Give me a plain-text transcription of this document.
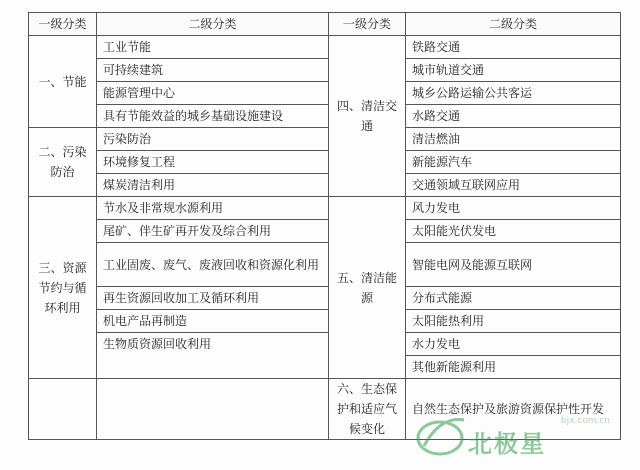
一级分类	二级分类	一级分类	二级分类
一、节能	工业节能	四、清洁交通	铁路交通
	可持续建筑		城市轨道交通
	能源管理中心		城乡公路运输公共客运
	具有节能效益的城乡基础设施建设		水路交通
二、污染防治	污染防治		清洁燃油
	环境修复工程		新能源汽车
	煤炭清洁利用		交通领域互联网应用
三、资源节约与循环利用	节水及非常规水源利用	五、清洁能源	风力发电
	尾矿、伴生矿再开发及综合利用		太阳能光伏发电
	工业固废、废气、废液回收和资源化利用		智能电网及能源互联网
	再生资源回收加工及循环利用		分布式能源
	机电产品再制造		太阳能热利用
	生物质资源回收利用		水力发电
			其他新能源利用
		六、生态保护和适应气候变化	自然生态保护及旅游资源保护性开发
北极星
bjx.com.cn
